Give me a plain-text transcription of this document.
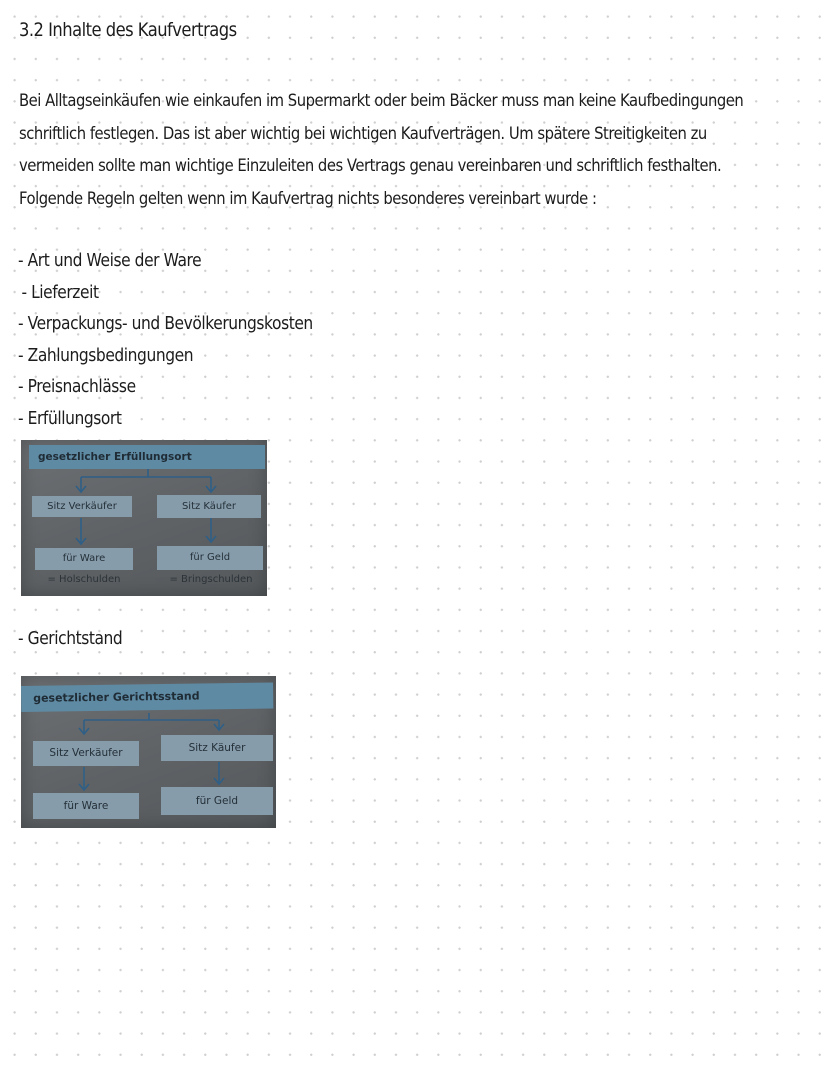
3.2 Inhalte des Kaufvertrags
Bei Alltagseinkäufen wie einkaufen im Supermarkt oder beim Bäcker muss man keine Kaufbedingungen
schriftlich festlegen. Das ist aber wichtig bei wichtigen Kaufverträgen. Um spätere Streitigkeiten zu
vermeiden sollte man wichtige Einzuleiten des Vertrags genau vereinbaren und schriftlich festhalten.
Folgende Regeln gelten wenn im Kaufvertrag nichts besonderes vereinbart wurde :
- Art und Weise der Ware
- Lieferzeit
- Verpackungs- und Bevölkerungskosten
- Zahlungsbedingungen
- Preisnachlässe
- Erfüllungsort
gesetzlicher Erfüllungsort
Sitz Verkäufer	Sitz Käufer
für Ware	für Geld
= Holschulden	= Bringschulden
- Gerichtstand
gesetzlicher Gerichtsstand
Sitz Verkäufer	Sitz Käufer
für Ware	für Geld
